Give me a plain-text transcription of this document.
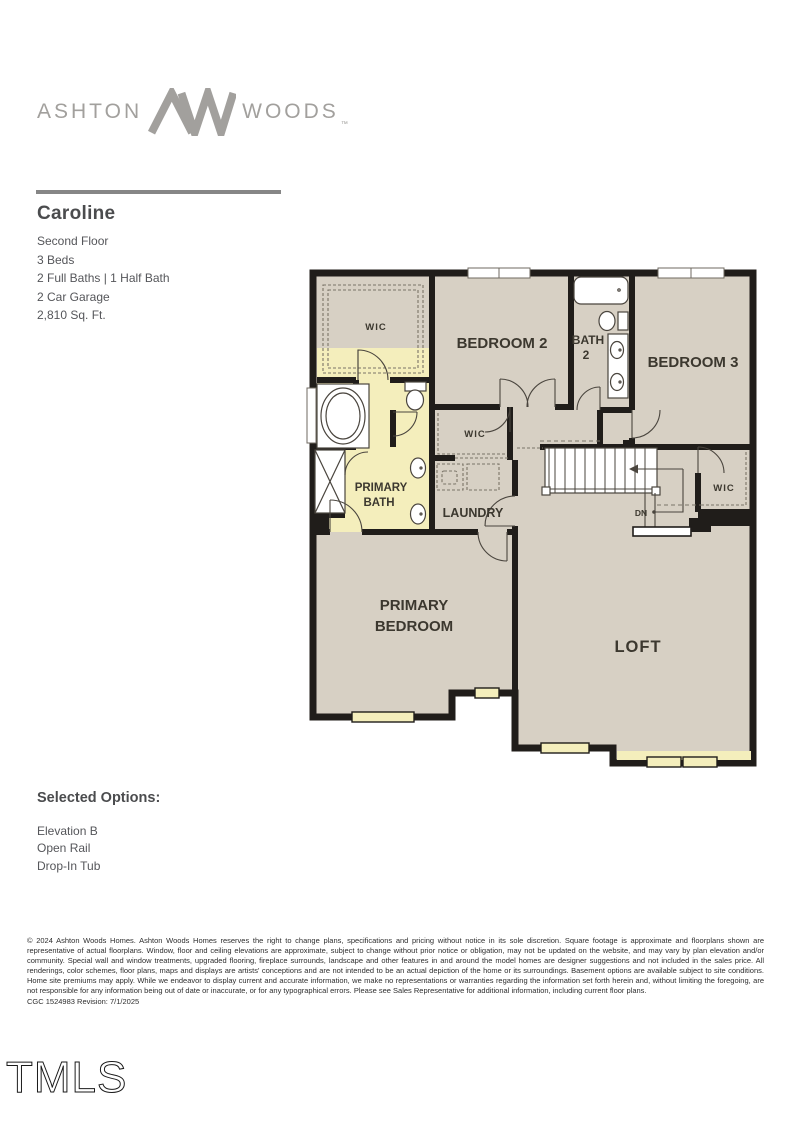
ASHTON	WOODS
™
Caroline
Second Floor
3 Beds
2 Full Baths | 1 Half Bath
2 Car Garage
2,810 Sq. Ft.
WIC
BEDROOM 2 BATH
2	BEDROOM 3
WIC
LAUNDRY
PRIMARY
BATH
WIC
PRIMARY
BEDROOM
LOFT
DN
Selected Options:
Elevation B
Open Rail
Drop-In Tub
© 2024 Ashton Woods Homes. Ashton Woods Homes reserves the right to change plans, specifications and pricing without notice in its sole discretion. Square footage is approximate and floorplans shown are representative of actual floorplans. Window, floor and ceiling elevations are approximate, subject to change without prior notice or obligation, may not be updated on the website, and may vary by plan elevation and/or community. Special wall and window treatments, upgraded flooring, fireplace surrounds, landscape and other features in and around the model homes are designer suggestions and not included in the sales price. All renderings, color schemes, floor plans, maps and displays are artists' conceptions and are not intended to be an actual depiction of the home or its surroundings. Basement options are available subject to site conditions. Home site premiums may apply. While we endeavor to display current and accurate information, we make no representations or warranties regarding the information set forth herein and, without limiting the foregoing, are not responsible for any information being out of date or inaccurate, or for any typographical errors. Please see Sales Representative for additional information, including current floor plans.
CGC 1524983 Revision: 7/1/2025
TMLS
